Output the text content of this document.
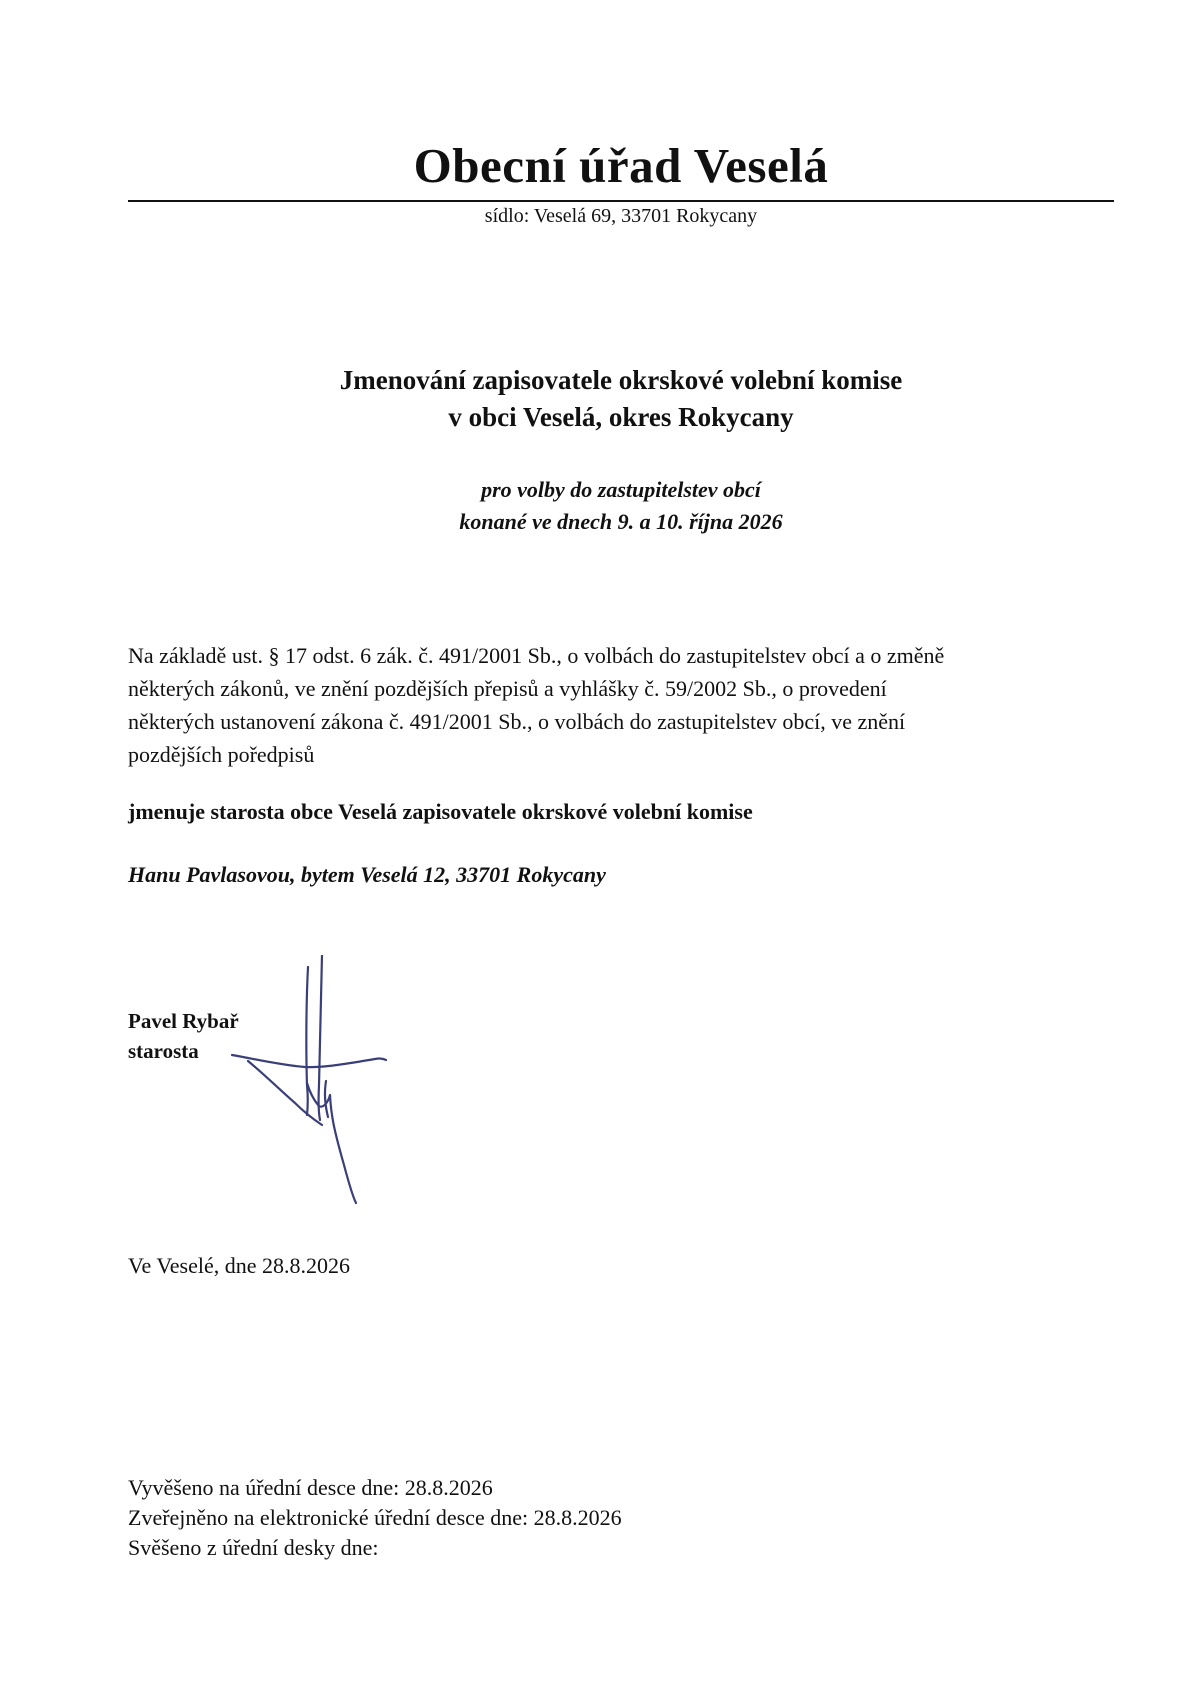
Obecní úřad Veselá
sídlo: Veselá 69, 33701 Rokycany
Jmenování zapisovatele okrskové volební komise
v obci Veselá, okres Rokycany
pro volby do zastupitelstev obcí
konané ve dnech 9. a 10. října 2026
Na základě ust. § 17 odst. 6 zák. č. 491/2001 Sb., o volbách do zastupitelstev obcí a o změně
některých zákonů, ve znění pozdějších přepisů a vyhlášky č. 59/2002 Sb., o provedení
některých ustanovení zákona č. 491/2001 Sb., o volbách do zastupitelstev obcí, ve znění
pozdějších poředpisů
jmenuje starosta obce Veselá zapisovatele okrskové volební komise
Hanu Pavlasovou, bytem Veselá 12, 33701 Rokycany
Pavel Rybař
starosta
Ve Veselé, dne 28.8.2026
Vyvěšeno na úřední desce dne: 28.8.2026
Zveřejněno na elektronické úřední desce dne: 28.8.2026
Svěšeno z úřední desky dne:
